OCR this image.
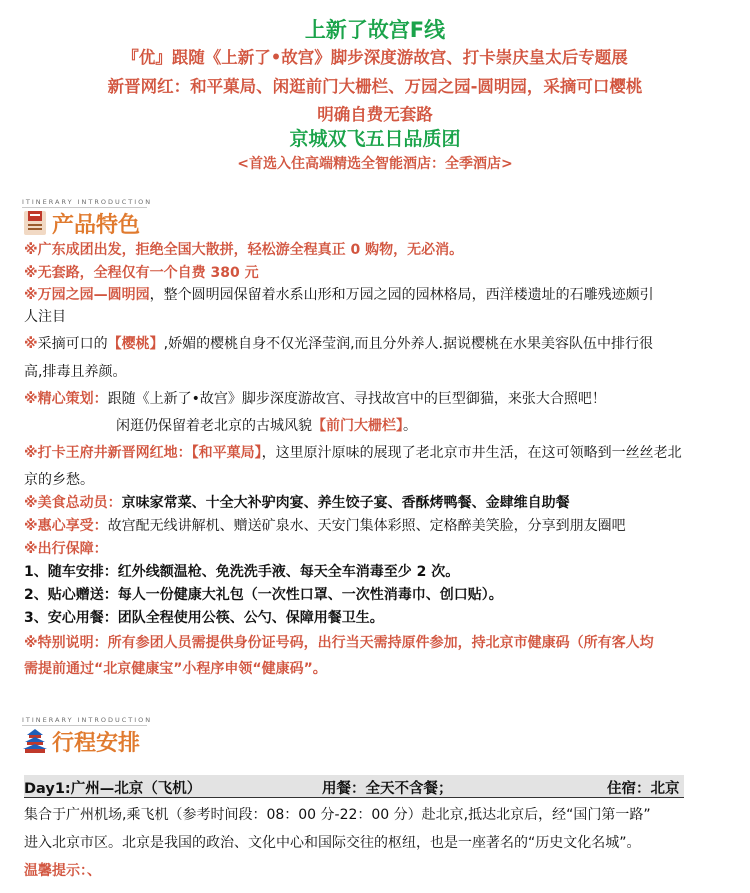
上新了故宫F线
『优』跟随《上新了•故宫》脚步深度游故宫、打卡崇庆皇太后专题展
新晋网红：和平菓局、闲逛前门大栅栏、万园之园-圆明园，采摘可口樱桃
明确自费无套路
京城双飞五日品质团
<首选入住高端精选全智能酒店：全季酒店>
ITINERARY INTRODUCTION
产品特色
※广东成团出发，拒绝全国大散拼，轻松游全程真正 0 购物，无必消。
※无套路，全程仅有一个自费 380 元
※万园之园—圆明园，整个圆明园保留着水系山形和万园之园的园林格局，西洋楼遗址的石雕残迹颇引
人注目
※采摘可口的【樱桃】,娇媚的樱桃自身不仅光泽莹润,而且分外养人.据说樱桃在水果美容队伍中排行很
高,排毒且养颜。
※精心策划：跟随《上新了•故宫》脚步深度游故宫、寻找故宫中的巨型御猫，来张大合照吧！
闲逛仍保留着老北京的古城风貌【前门大栅栏】。
※打卡王府井新晋网红地：【和平菓局】，这里原汁原味的展现了老北京市井生活，在这可领略到一丝丝老北
京的乡愁。
※美食总动员：京味家常菜、十全大补驴肉宴、养生饺子宴、香酥烤鸭餐、金肆维自助餐
※惠心享受：故宫配无线讲解机、赠送矿泉水、天安门集体彩照、定格醉美笑脸，分享到朋友圈吧
※出行保障：
1、随车安排：红外线额温枪、免洗洗手液、每天全车消毒至少 2 次。
2、贴心赠送：每人一份健康大礼包（一次性口罩、一次性消毒巾、创口贴）。
3、安心用餐：团队全程使用公筷、公勺、保障用餐卫生。
※特别说明：所有参团人员需提供身份证号码，出行当天需持原件参加，持北京市健康码（所有客人均
需提前通过“北京健康宝”小程序申领“健康码”。
ITINERARY INTRODUCTION
行程安排
Day1:广州—北京（飞机）	用餐：全天不含餐；	住宿：北京
集合于广州机场,乘飞机（参考时间段：08：00 分-22：00 分）赴北京,抵达北京后，经“国门第一路”
进入北京市区。北京是我国的政治、文化中心和国际交往的枢纽，也是一座著名的“历史文化名城”。
温馨提示：、
